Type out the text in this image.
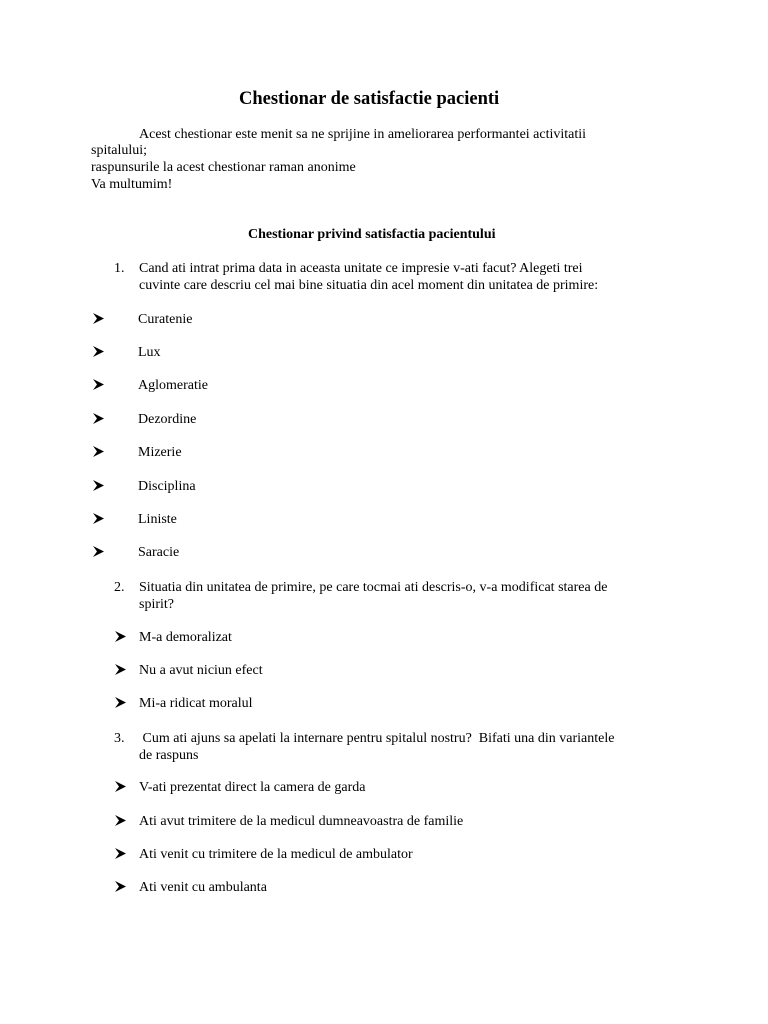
Chestionar de satisfactie pacienti
Acest chestionar este menit sa ne sprijine in ameliorarea performantei activitatii
spitalului;
raspunsurile la acest chestionar raman anonime
Va multumim!
Chestionar privind satisfactia pacientului
1. Cand ati intrat prima data in aceasta unitate ce impresie v-ati facut? Alegeti trei
cuvinte care descriu cel mai bine situatia din acel moment din unitatea de primire:
Curatenie
Lux
Aglomeratie
Dezordine
Mizerie
Disciplina
Liniste
Saracie
2. Situatia din unitatea de primire, pe care tocmai ati descris-o, v-a modificat starea de
spirit?
M-a demoralizat
Nu a avut niciun efect
Mi-a ridicat moralul
3. Cum ati ajuns sa apelati la internare pentru spitalul nostru?  Bifati una din variantele
de raspuns
V-ati prezentat direct la camera de garda
Ati avut trimitere de la medicul dumneavoastra de familie
Ati venit cu trimitere de la medicul de ambulator
Ati venit cu ambulanta
